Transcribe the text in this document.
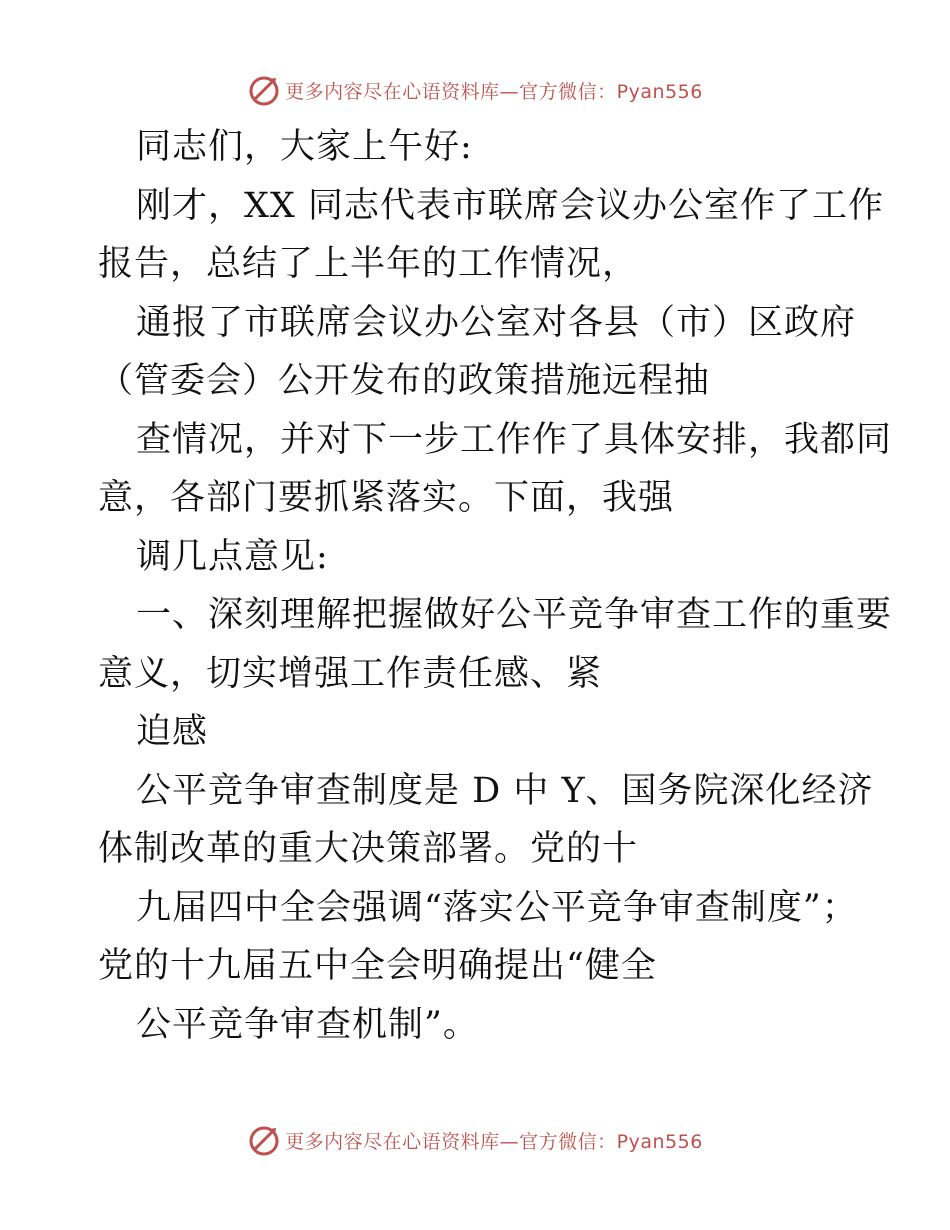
更多内容尽在心语资料库—官方微信：Pyan556
同志们，大家上午好:
刚才，XX 同志代表市联席会议办公室作了工作
报告，总结了上半年的工作情况，
通报了市联席会议办公室对各县（市）区政府
（管委会）公开发布的政策措施远程抽
查情况，并对下一步工作作了具体安排，我都同
意，各部门要抓紧落实。下面，我强
调几点意见:
一、深刻理解把握做好公平竞争审查工作的重要
意义，切实增强工作责任感、紧
迫感
公平竞争审查制度是 D 中 Y、国务院深化经济
体制改革的重大决策部署。党的十
九届四中全会强调“落实公平竞争审查制度”；
党的十九届五中全会明确提出“健全
公平竞争审查机制”。
更多内容尽在心语资料库—官方微信：Pyan556
